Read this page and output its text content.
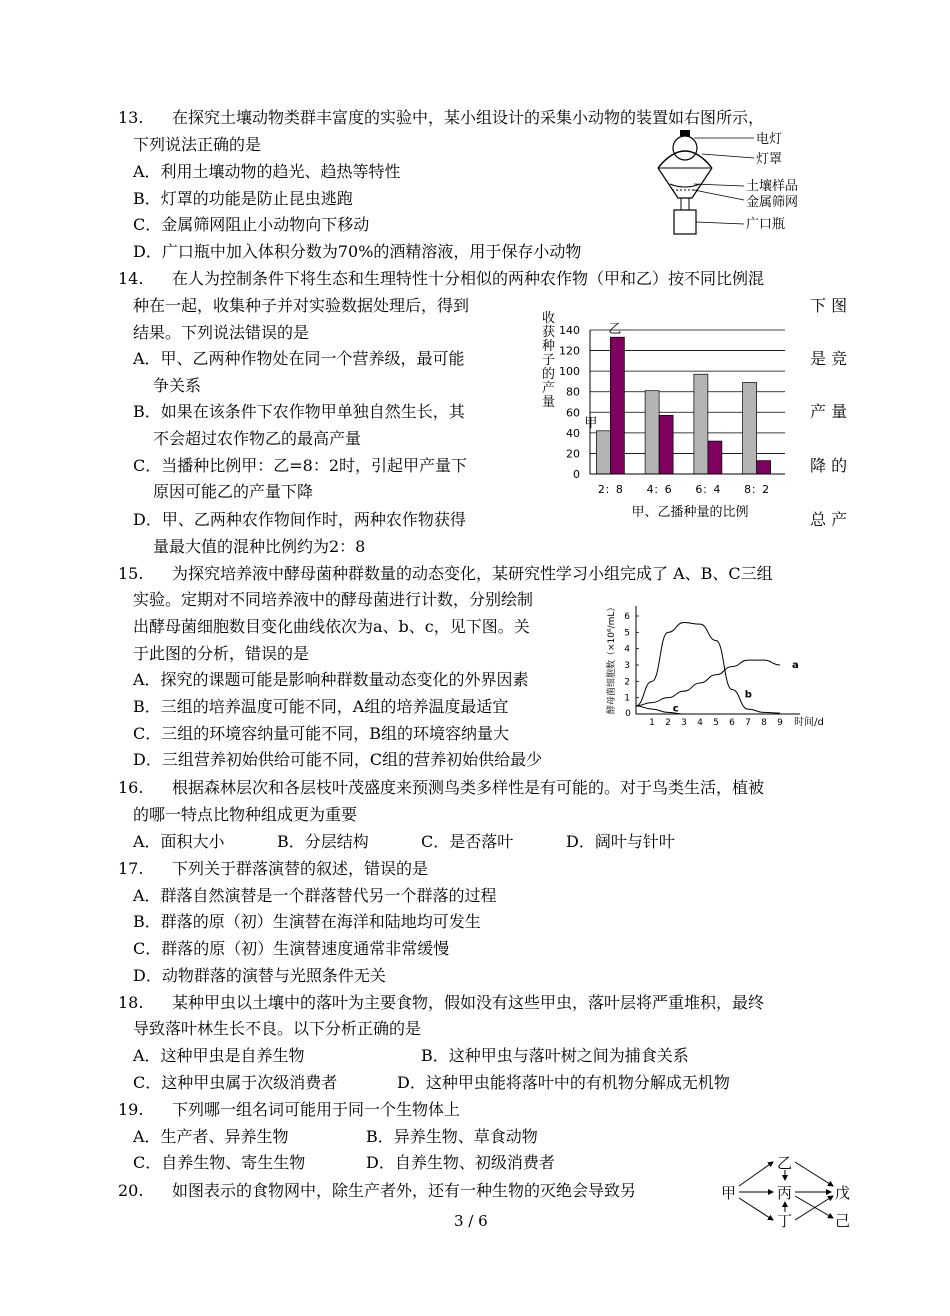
13. 在探究土壤动物类群丰富度的实验中，某小组设计的采集小动物的装置如右图所示，
下列说法正确的是
A．利用土壤动物的趋光、趋热等特性
B．灯罩的功能是防止昆虫逃跑
C．金属筛网阻止小动物向下移动
D．广口瓶中加入体积分数为70%的酒精溶液，用于保存小动物
电灯
灯罩
土壤样品
金属筛网
广口瓶
14. 在人为控制条件下将生态和生理特性十分相似的两种农作物（甲和乙）按不同比例混
种在一起，收集种子并对实验数据处理后，得到	下 图
结果。下列说法错误的是
A．甲、乙两种作物处在同一个营养级，最可能	是 竞
争关系
B．如果在该条件下农作物甲单独自然生长，其	产 量
不会超过农作物乙的最高产量
C．当播种比例甲：乙=8：2时，引起甲产量下	降 的
原因可能乙的产量下降
D．甲、乙两种农作物间作时，两种农作物获得	总 产
量最大值的混种比例约为2：8
收
获
种
子
的
产
量
0
20
40
60
80
100
120
140
2：8 4：6 6：4 8：2
甲、乙播种量的比例
乙
甲
15. 为探究培养液中酵母菌种群数量的动态变化，某研究性学习小组完成了 A、B、C三组
实验。定期对不同培养液中的酵母菌进行计数，分别绘制
出酵母菌细胞数目变化曲线依次为a、b、c，见下图。关
于此图的分析，错误的是
A．探究的课题可能是影响种群数量动态变化的外界因素
B．三组的培养温度可能不同，A组的培养温度最适宜
C．三组的环境容纳量可能不同，B组的环境容纳量大
D．三组营养初始供给可能不同，C组的营养初始供给最少
酵母菌细胞数（×10⁶/mL） 1
2
3
4
5
6
0
1 2 3 4 5 6 7 8 9
a
b
c
时间/d
16. 根据森林层次和各层枝叶茂盛度来预测鸟类多样性是有可能的。对于鸟类生活，植被
的哪一特点比物种组成更为重要
A．面积大小	B．分层结构	C．是否落叶	D．阔叶与针叶
17. 下列关于群落演替的叙述，错误的是
A．群落自然演替是一个群落替代另一个群落的过程
B．群落的原（初）生演替在海洋和陆地均可发生
C．群落的原（初）生演替速度通常非常缓慢
D．动物群落的演替与光照条件无关
18. 某种甲虫以土壤中的落叶为主要食物，假如没有这些甲虫，落叶层将严重堆积，最终
导致落叶林生长不良。以下分析正确的是
A．这种甲虫是自养生物	B．这种甲虫与落叶树之间为捕食关系
C．这种甲虫属于次级消费者	D．这种甲虫能将落叶中的有机物分解成无机物
19. 下列哪一组名词可能用于同一个生物体上
A．生产者、异养生物	B．异养生物、草食动物
C．自养生物、寄生生物	D．自养生物、初级消费者
20. 如图表示的食物网中，除生产者外，还有一种生物的灭绝会导致另	甲
乙
丙
丁
戊
己
3 / 6
